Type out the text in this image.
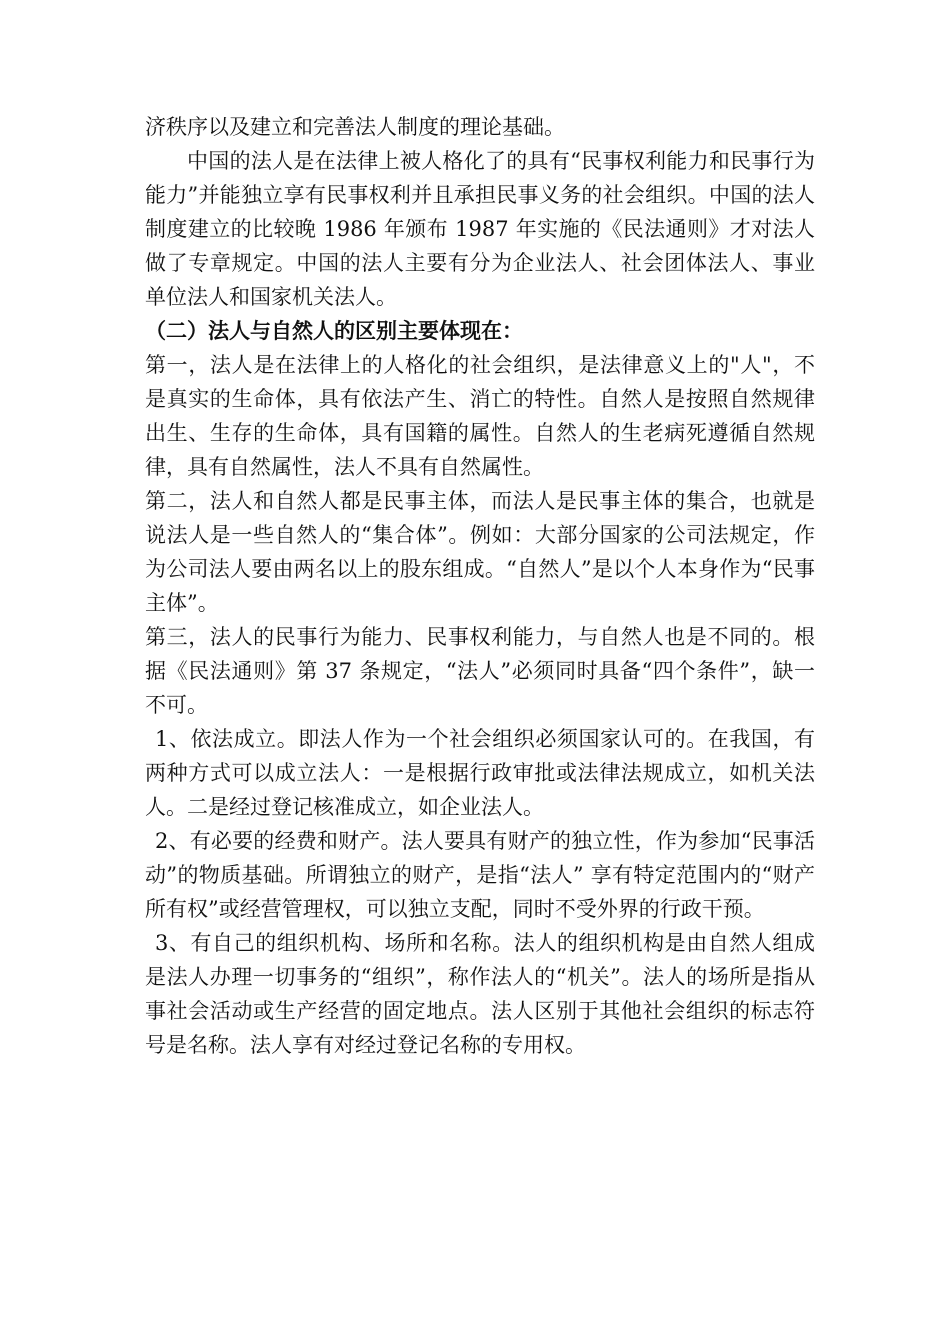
济秩序以及建立和完善法人制度的理论基础。

中国的法人是在法律上被人格化了的具有“民事权利能力和民事行为能力”并能独立享有民事权利并且承担民事义务的社会组织。中国的法人制度建立的比较晚 1986 年颁布 1987 年实施的《民法通则》才对法人做了专章规定。中国的法人主要有分为企业法人、社会团体法人、事业单位法人和国家机关法人。

（二）法人与自然人的区别主要体现在：

第一，法人是在法律上的人格化的社会组织，是法律意义上的"人"，不是真实的生命体，具有依法产生、消亡的特性。自然人是按照自然规律出生、生存的生命体，具有国籍的属性。自然人的生老病死遵循自然规律，具有自然属性，法人不具有自然属性。

第二，法人和自然人都是民事主体，而法人是民事主体的集合，也就是说法人是一些自然人的“集合体”。例如：大部分国家的公司法规定，作为公司法人要由两名以上的股东组成。“自然人”是以个人本身作为“民事主体”。

第三，法人的民事行为能力、民事权利能力，与自然人也是不同的。根据《民法通则》第 37 条规定，“法人”必须同时具备“四个条件”，缺一不可。

1、依法成立。即法人作为一个社会组织必须国家认可的。在我国，有两种方式可以成立法人：一是根据行政审批或法律法规成立，如机关法人。二是经过登记核准成立，如企业法人。

2、有必要的经费和财产。法人要具有财产的独立性，作为参加“民事活动”的物质基础。所谓独立的财产，是指“法人” 享有特定范围内的“财产所有权”或经营管理权，可以独立支配，同时不受外界的行政干预。

3、有自己的组织机构、场所和名称。法人的组织机构是由自然人组成是法人办理一切事务的“组织”，称作法人的“机关”。法人的场所是指从事社会活动或生产经营的固定地点。法人区别于其他社会组织的标志符号是名称。法人享有对经过登记名称的专用权。
